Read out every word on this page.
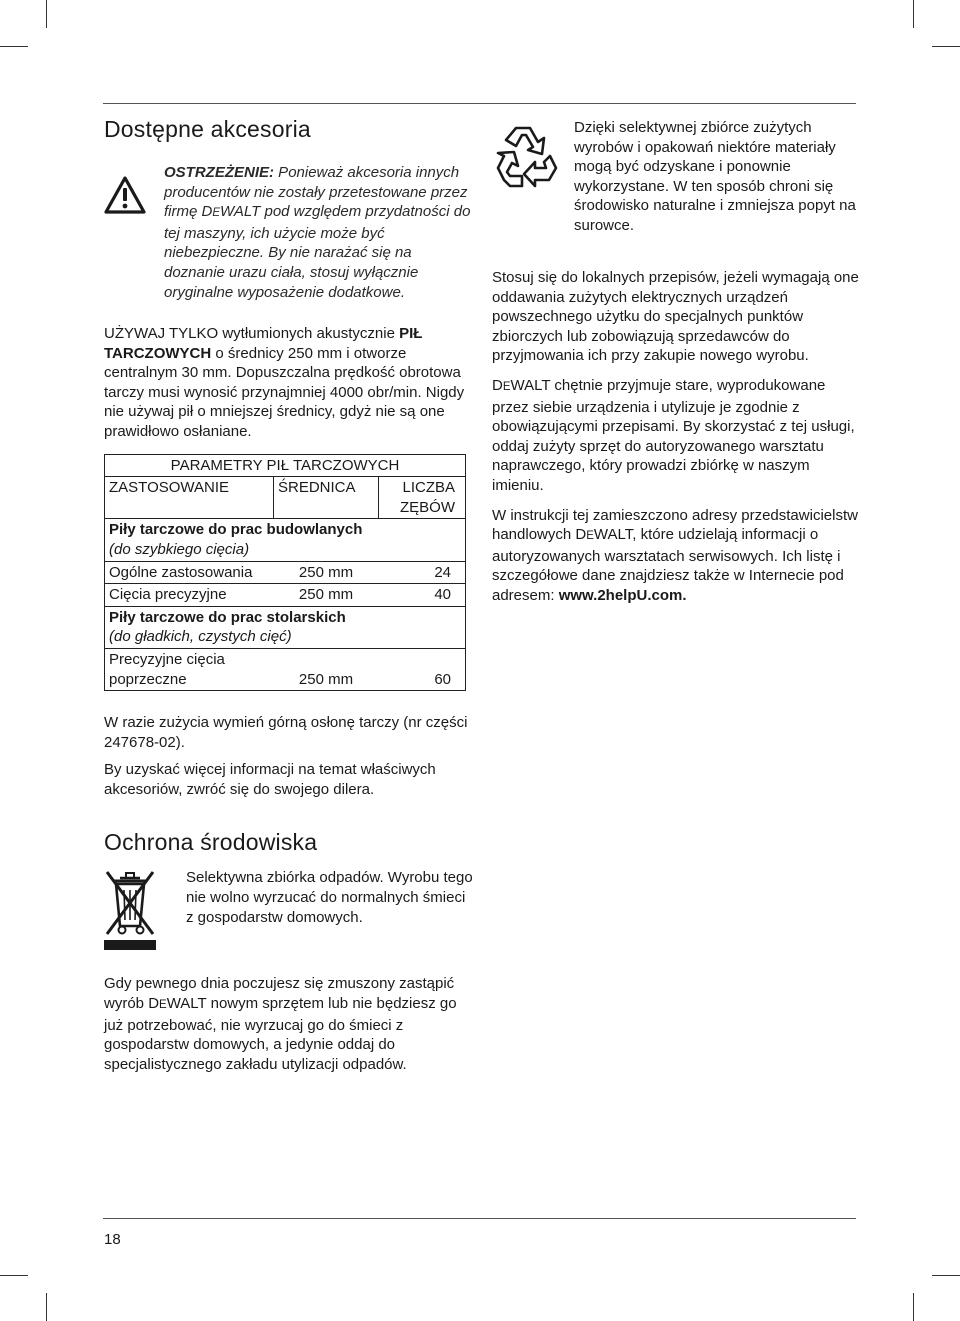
Dostępne akcesoria
OSTRZEŻENIE: Ponieważ akcesoria innych producentów nie zostały przetestowane przez firmę DEWALT pod względem przydatności do tej maszyny, ich użycie może być niebezpieczne. By nie narażać się na doznanie urazu ciała, stosuj wyłącznie oryginalne wyposażenie dodatkowe.

UŻYWAJ TYLKO wytłumionych akustycznie PIŁ TARCZOWYCH o średnicy 250 mm i otworze centralnym 30 mm. Dopuszczalna prędkość obrotowa tarczy musi wynosić przynajmniej 4000 obr/min. Nigdy nie używaj pił o mniejszej średnicy, gdyż nie są one prawidłowo osłaniane.

PARAMETRY PIŁ TARCZOWYCH		
ZASTOSOWANIE	ŚREDNICA	LICZBA ZĘBÓW
Piły tarczowe do prac budowlanych
(do szybkiego cięcia)		
Ogólne zastosowania	250 mm	24
Cięcia precyzyjne	250 mm	40
Piły tarczowe do prac stolarskich
(do gładkich, czystych cięć)		
Precyzyjne cięcia poprzeczne	250 mm	60

W razie zużycia wymień górną osłonę tarczy (nr części 247678-02).

By uzyskać więcej informacji na temat właściwych akcesoriów, zwróć się do swojego dilera.

Ochrona środowiska

Selektywna zbiórka odpadów. Wyrobu tego nie wolno wyrzucać do normalnych śmieci z gospodarstw domowych.

Gdy pewnego dnia poczujesz się zmuszony zastąpić wyrób DEWALT nowym sprzętem lub nie będziesz go już potrzebować, nie wyrzucaj go do śmieci z gospodarstw domowych, a jedynie oddaj do specjalistycznego zakładu utylizacji odpadów.

Dzięki selektywnej zbiórce zużytych wyrobów i opakowań niektóre materiały mogą być odzyskane i ponownie wykorzystane. W ten sposób chroni się środowisko naturalne i zmniejsza popyt na surowce.

Stosuj się do lokalnych przepisów, jeżeli wymagają one oddawania zużytych elektrycznych urządzeń powszechnego użytku do specjalnych punktów zbiorczych lub zobowiązują sprzedawców do przyjmowania ich przy zakupie nowego wyrobu.

DEWALT chętnie przyjmuje stare, wyprodukowane przez siebie urządzenia i utylizuje je zgodnie z obowiązującymi przepisami. By skorzystać z tej usługi, oddaj zużyty sprzęt do autoryzowanego warsztatu naprawczego, który prowadzi zbiórkę w naszym imieniu.

W instrukcji tej zamieszczono adresy przedstawicielstw handlowych DEWALT, które udzielają informacji o autoryzowanych warsztatach serwisowych. Ich listę i szczegółowe dane znajdziesz także w Internecie pod adresem: www.2helpU.com.

18
